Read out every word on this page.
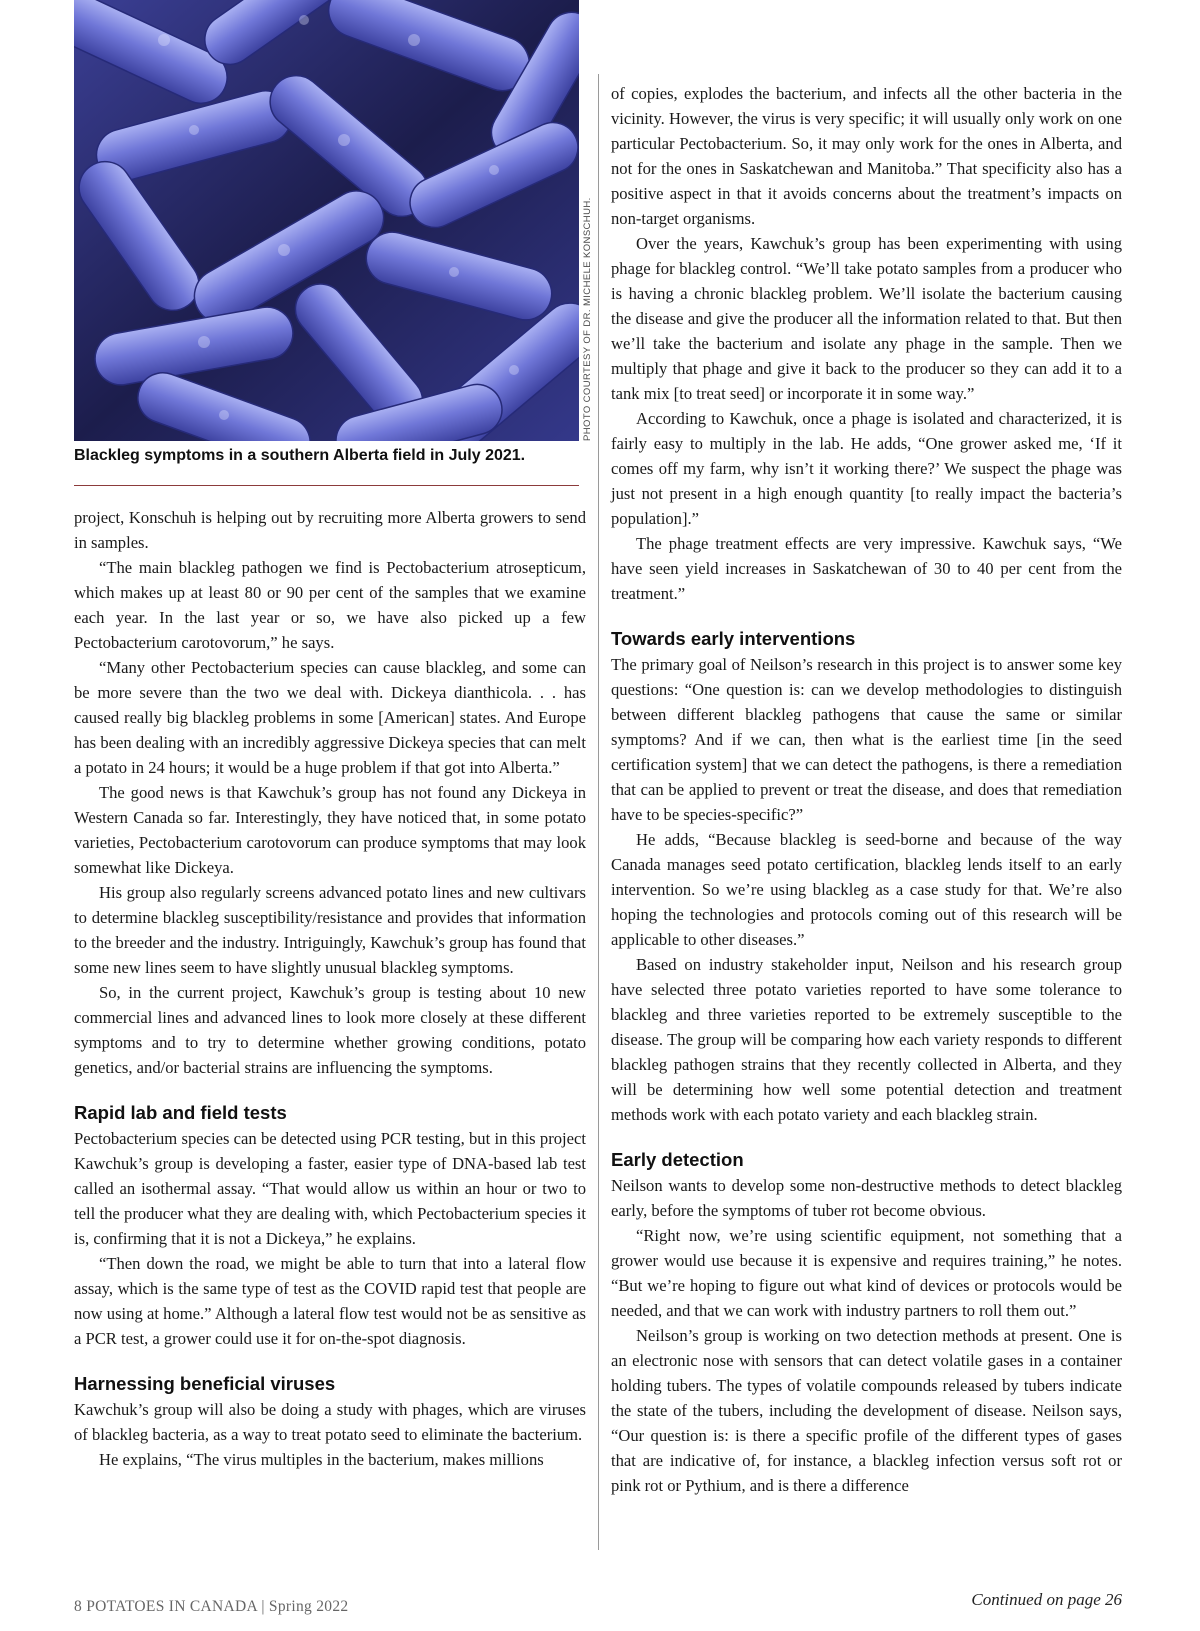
PHOTO COURTESY OF DR. MICHELE KONSCHUH.
Blackleg symptoms in a southern Alberta field in July 2021.

project, Konschuh is helping out by recruiting more Alberta growers to send in samples.

“The main blackleg pathogen we find is Pectobacterium atrosepticum, which makes up at least 80 or 90 per cent of the samples that we examine each year. In the last year or so, we have also picked up a few Pectobacterium carotovorum,” he says.

“Many other Pectobacterium species can cause blackleg, and some can be more severe than the two we deal with. Dickeya dianthicola. . . has caused really big blackleg problems in some [American] states. And Europe has been dealing with an incredibly aggressive Dickeya species that can melt a potato in 24 hours; it would be a huge problem if that got into Alberta.”

The good news is that Kawchuk’s group has not found any Dickeya in Western Canada so far. Interestingly, they have noticed that, in some potato varieties, Pectobacterium carotovorum can produce symptoms that may look somewhat like Dickeya.

His group also regularly screens advanced potato lines and new cultivars to determine blackleg susceptibility/resistance and provides that information to the breeder and the industry. Intriguingly, Kawchuk’s group has found that some new lines seem to have slightly unusual blackleg symptoms.

So, in the current project, Kawchuk’s group is testing about 10 new commercial lines and advanced lines to look more closely at these different symptoms and to try to determine whether growing conditions, potato genetics, and/or bacterial strains are influencing the symptoms.

Rapid lab and field tests

Pectobacterium species can be detected using PCR testing, but in this project Kawchuk’s group is developing a faster, easier type of DNA-based lab test called an isothermal assay. “That would allow us within an hour or two to tell the producer what they are dealing with, which Pectobacterium species it is, confirming that it is not a Dickeya,” he explains.

“Then down the road, we might be able to turn that into a lateral flow assay, which is the same type of test as the COVID rapid test that people are now using at home.” Although a lateral flow test would not be as sensitive as a PCR test, a grower could use it for on-the-spot diagnosis.

Harnessing beneficial viruses

Kawchuk’s group will also be doing a study with phages, which are viruses of blackleg bacteria, as a way to treat potato seed to eliminate the bacterium.

He explains, “The virus multiples in the bacterium, makes millions

of copies, explodes the bacterium, and infects all the other bacteria in the vicinity. However, the virus is very specific; it will usually only work on one particular Pectobacterium. So, it may only work for the ones in Alberta, and not for the ones in Saskatchewan and Manitoba.” That specificity also has a positive aspect in that it avoids concerns about the treatment’s impacts on non-target organisms.

Over the years, Kawchuk’s group has been experimenting with using phage for blackleg control. “We’ll take potato samples from a producer who is having a chronic blackleg problem. We’ll isolate the bacterium causing the disease and give the producer all the information related to that. But then we’ll take the bacterium and isolate any phage in the sample. Then we multiply that phage and give it back to the producer so they can add it to a tank mix [to treat seed] or incorporate it in some way.”

According to Kawchuk, once a phage is isolated and characterized, it is fairly easy to multiply in the lab. He adds, “One grower asked me, ‘If it comes off my farm, why isn’t it working there?’ We suspect the phage was just not present in a high enough quantity [to really impact the bacteria’s population].”

The phage treatment effects are very impressive. Kawchuk says, “We have seen yield increases in Saskatchewan of 30 to 40 per cent from the treatment.”

Towards early interventions

The primary goal of Neilson’s research in this project is to answer some key questions: “One question is: can we develop methodologies to distinguish between different blackleg pathogens that cause the same or similar symptoms? And if we can, then what is the earliest time [in the seed certification system] that we can detect the pathogens, is there a remediation that can be applied to prevent or treat the disease, and does that remediation have to be species-specific?”

He adds, “Because blackleg is seed-borne and because of the way Canada manages seed potato certification, blackleg lends itself to an early intervention. So we’re using blackleg as a case study for that. We’re also hoping the technologies and protocols coming out of this research will be applicable to other diseases.”

Based on industry stakeholder input, Neilson and his research group have selected three potato varieties reported to have some tolerance to blackleg and three varieties reported to be extremely susceptible to the disease. The group will be comparing how each variety responds to different blackleg pathogen strains that they recently collected in Alberta, and they will be determining how well some potential detection and treatment methods work with each potato variety and each blackleg strain.

Early detection

Neilson wants to develop some non-destructive methods to detect blackleg early, before the symptoms of tuber rot become obvious.

“Right now, we’re using scientific equipment, not something that a grower would use because it is expensive and requires training,” he notes. “But we’re hoping to figure out what kind of devices or protocols would be needed, and that we can work with industry partners to roll them out.”

Neilson’s group is working on two detection methods at present. One is an electronic nose with sensors that can detect volatile gases in a container holding tubers. The types of volatile compounds released by tubers indicate the state of the tubers, including the development of disease. Neilson says, “Our question is: is there a specific profile of the different types of gases that are indicative of, for instance, a blackleg infection versus soft rot or pink rot or Pythium, and is there a difference

8 POTATOES IN CANADA | Spring 2022	Continued on page 26
